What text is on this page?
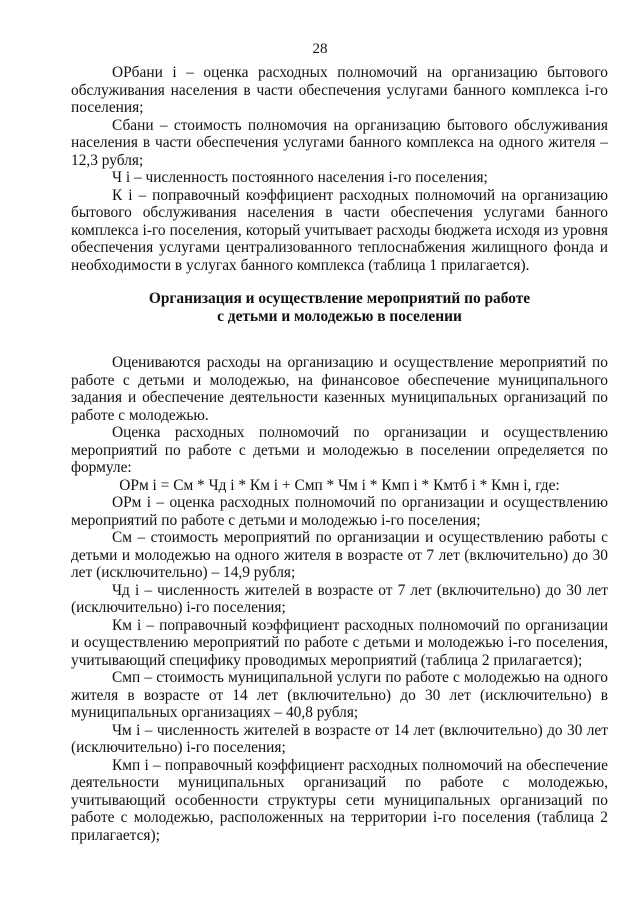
28

ОРбани i – оценка расходных полномочий на организацию бытового обслуживания населения в части обеспечения услугами банного комплекса i-го поселения;

Сбани – стоимость полномочия на организацию бытового обслуживания населения в части обеспечения услугами банного комплекса на одного жителя – 12,3 рубля;

Ч i – численность постоянного населения i-го поселения;

К i – поправочный коэффициент расходных полномочий на организацию бытового обслуживания населения в части обеспечения услугами банного комплекса i-го поселения, который учитывает расходы бюджета исходя из уровня обеспечения услугами централизованного теплоснабжения жилищного фонда и необходимости в услугах банного комплекса (таблица 1 прилагается).

Организация и осуществление мероприятий по работе
с детьми и молодежью в поселении

Оцениваются расходы на организацию и осуществление мероприятий по работе с детьми и молодежью, на финансовое обеспечение муниципального задания и обеспечение деятельности казенных муниципальных организаций по работе с молодежью.

Оценка расходных полномочий по организации и осуществлению мероприятий по работе с детьми и молодежью в поселении определяется по формуле:

ОРм i = См * Чд i * Км i + Смп * Чм i * Кмп i * Кмтб i * Кмн i, где:

ОРм i – оценка расходных полномочий по организации и осуществлению мероприятий по работе с детьми и молодежью i-го поселения;

См – стоимость мероприятий по организации и осуществлению работы с детьми и молодежью на одного жителя в возрасте от 7 лет (включительно) до 30 лет (исключительно) – 14,9 рубля;

Чд i – численность жителей в возрасте от 7 лет (включительно) до 30 лет (исключительно) i-го поселения;

Км i – поправочный коэффициент расходных полномочий по организации и осуществлению мероприятий по работе с детьми и молодежью i-го поселения, учитывающий специфику проводимых мероприятий (таблица 2 прилагается);

Смп – стоимость муниципальной услуги по работе с молодежью на одного жителя в возрасте от 14 лет (включительно) до 30 лет (исключительно) в муниципальных организациях – 40,8 рубля;

Чм i – численность жителей в возрасте от 14 лет (включительно) до 30 лет (исключительно) i-го поселения;

Кмп i – поправочный коэффициент расходных полномочий на обеспечение деятельности муниципальных организаций по работе с молодежью, учитывающий особенности структуры сети муниципальных организаций по работе с молодежью, расположенных на территории i-го поселения (таблица 2 прилагается);
